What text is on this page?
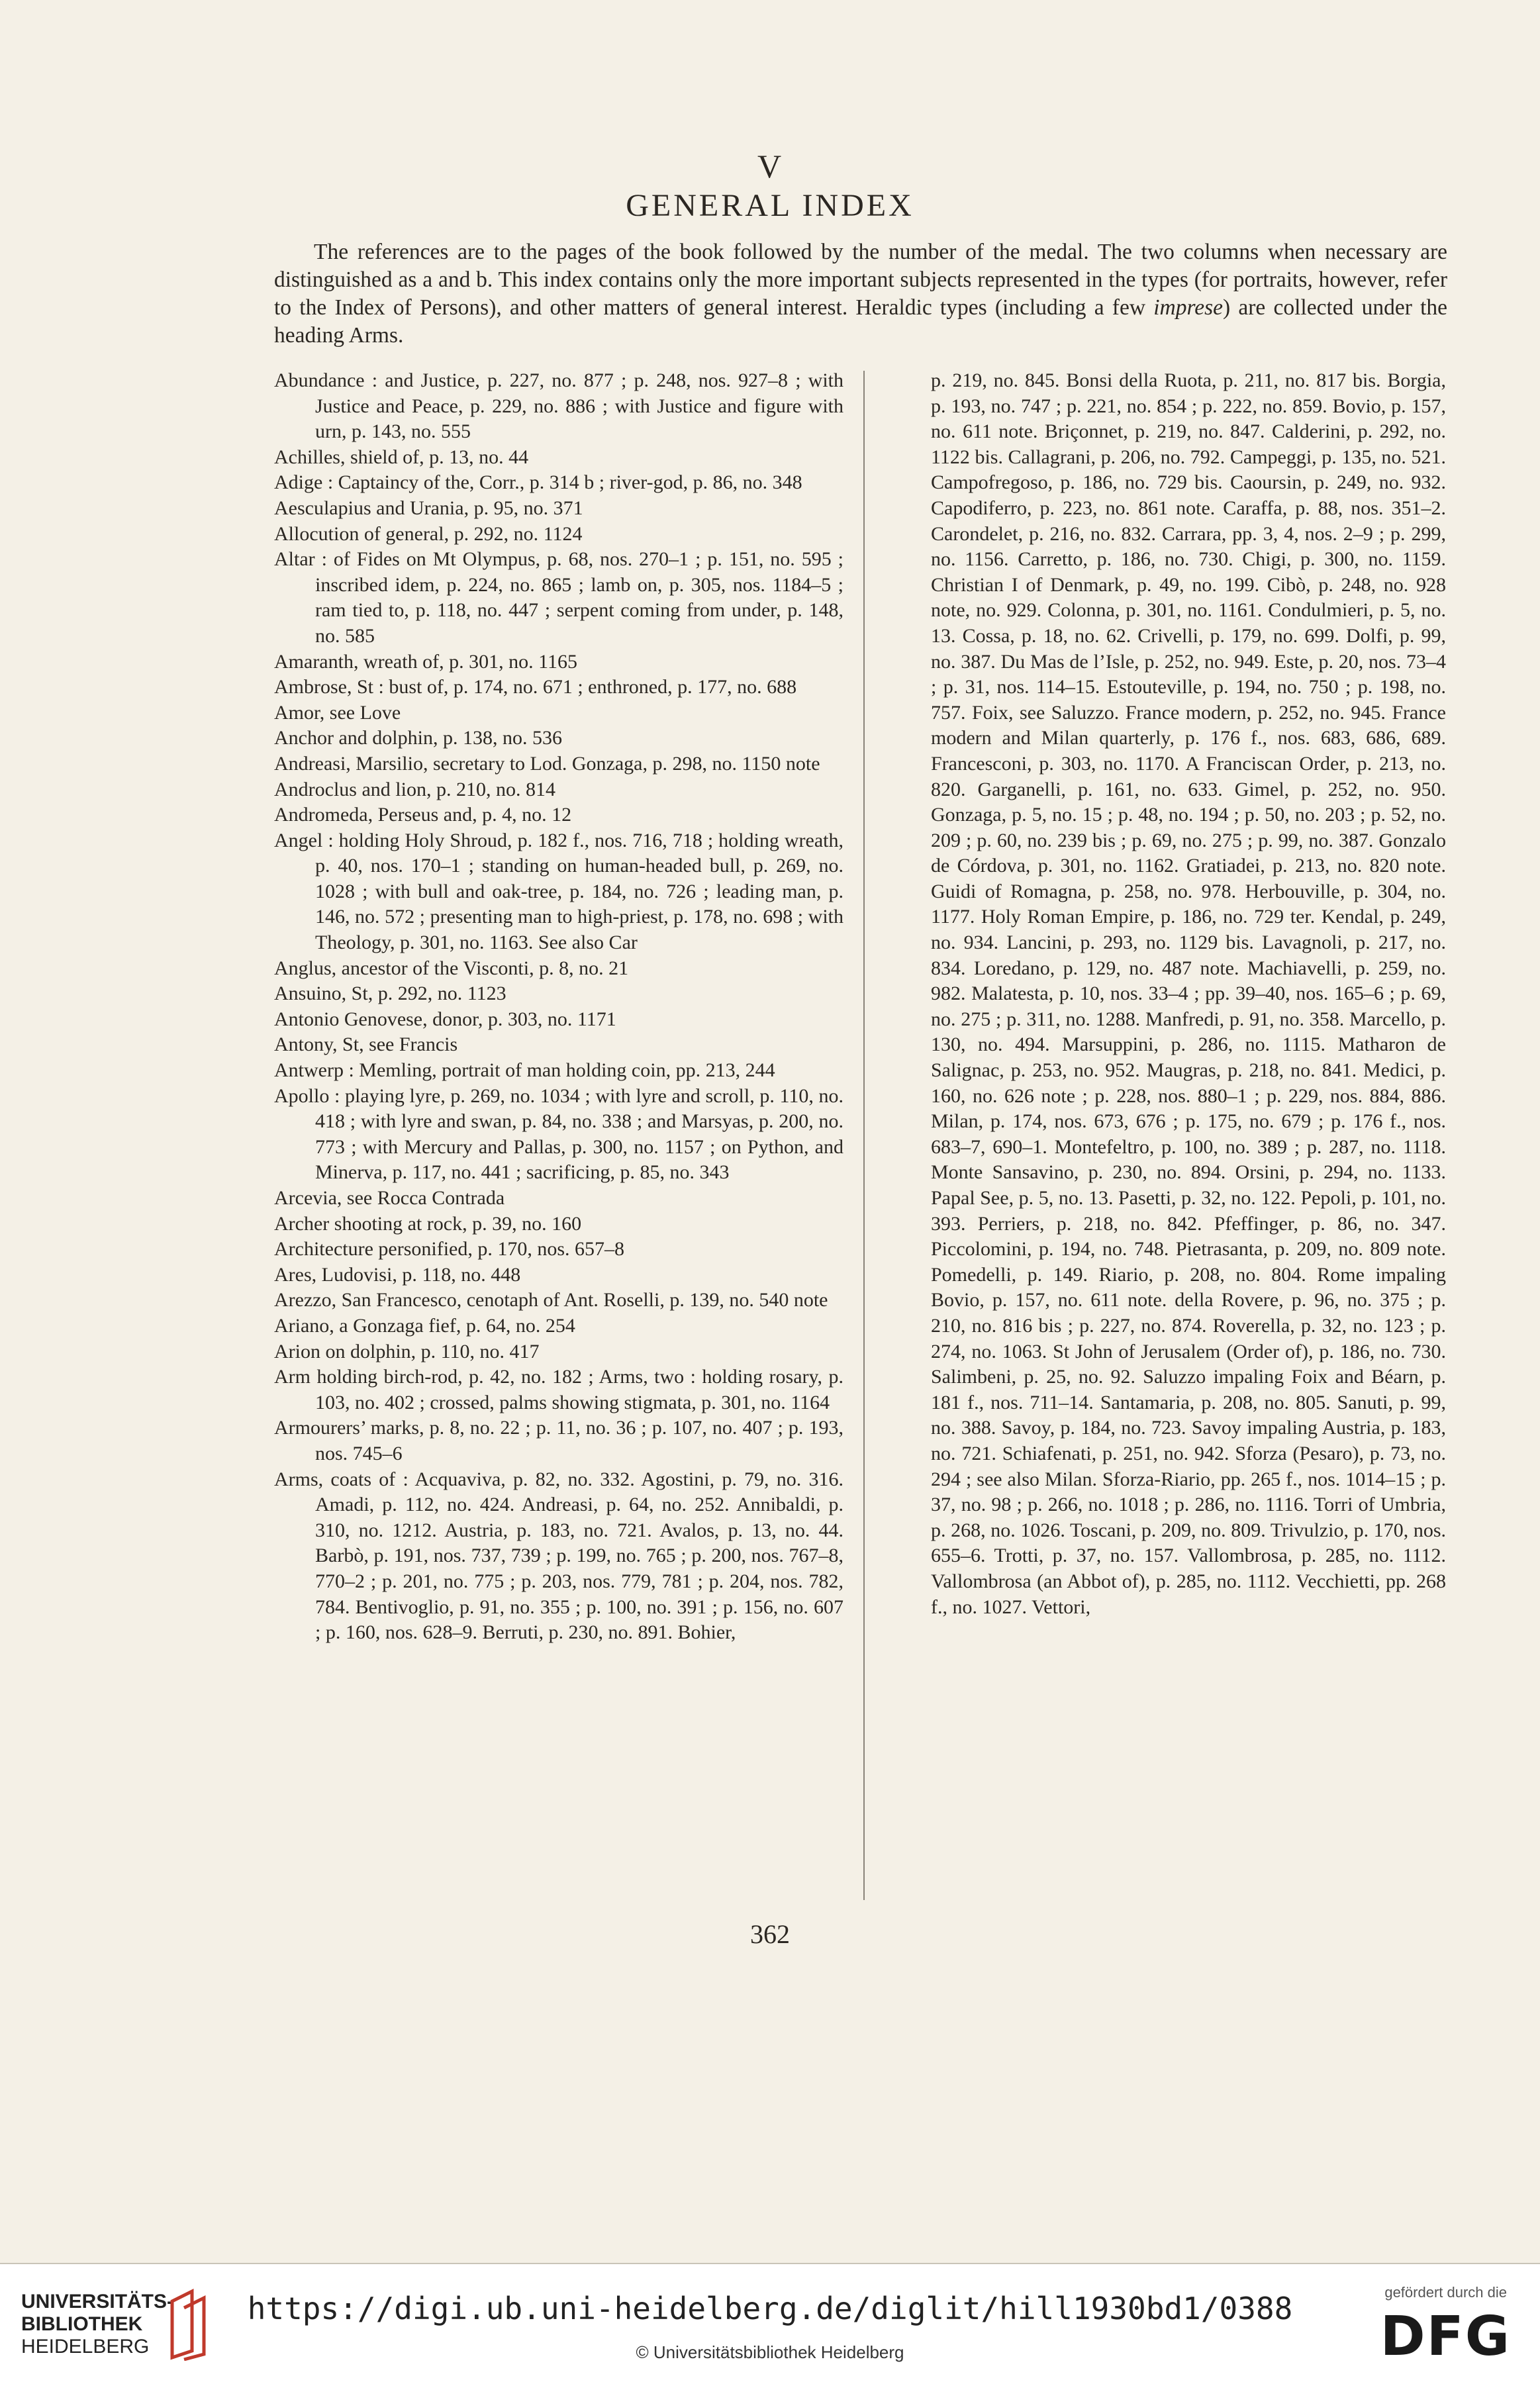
V
GENERAL INDEX

The references are to the pages of the book followed by the number of the medal. The two columns when necessary are distinguished as a and b. This index contains only the more important subjects represented in the types (for portraits, however, refer to the Index of Persons), and other matters of general interest. Heraldic types (including a few imprese) are collected under the heading Arms.

Abundance : and Justice, p. 227, no. 877 ; p. 248, nos. 927–8 ; with Justice and Peace, p. 229, no. 886 ; with Justice and figure with urn, p. 143, no. 555

Achilles, shield of, p. 13, no. 44

Adige : Captaincy of the, Corr., p. 314 b ; river-god, p. 86, no. 348

Aesculapius and Urania, p. 95, no. 371

Allocution of general, p. 292, no. 1124

Altar : of Fides on Mt Olympus, p. 68, nos. 270–1 ; p. 151, no. 595 ; inscribed idem, p. 224, no. 865 ; lamb on, p. 305, nos. 1184–5 ; ram tied to, p. 118, no. 447 ; serpent coming from under, p. 148, no. 585

Amaranth, wreath of, p. 301, no. 1165

Ambrose, St : bust of, p. 174, no. 671 ; enthroned, p. 177, no. 688

Amor, see Love

Anchor and dolphin, p. 138, no. 536

Andreasi, Marsilio, secretary to Lod. Gonzaga, p. 298, no. 1150 note

Androclus and lion, p. 210, no. 814

Andromeda, Perseus and, p. 4, no. 12

Angel : holding Holy Shroud, p. 182 f., nos. 716, 718 ; holding wreath, p. 40, nos. 170–1 ; standing on human-headed bull, p. 269, no. 1028 ; with bull and oak-tree, p. 184, no. 726 ; leading man, p. 146, no. 572 ; presenting man to high-priest, p. 178, no. 698 ; with Theology, p. 301, no. 1163. See also Car

Anglus, ancestor of the Visconti, p. 8, no. 21

Ansuino, St, p. 292, no. 1123

Antonio Genovese, donor, p. 303, no. 1171

Antony, St, see Francis

Antwerp : Memling, portrait of man holding coin, pp. 213, 244

Apollo : playing lyre, p. 269, no. 1034 ; with lyre and scroll, p. 110, no. 418 ; with lyre and swan, p. 84, no. 338 ; and Marsyas, p. 200, no. 773 ; with Mercury and Pallas, p. 300, no. 1157 ; on Python, and Minerva, p. 117, no. 441 ; sacrificing, p. 85, no. 343

Arcevia, see Rocca Contrada

Archer shooting at rock, p. 39, no. 160

Architecture personified, p. 170, nos. 657–8

Ares, Ludovisi, p. 118, no. 448

Arezzo, San Francesco, cenotaph of Ant. Roselli, p. 139, no. 540 note

Ariano, a Gonzaga fief, p. 64, no. 254

Arion on dolphin, p. 110, no. 417

Arm holding birch-rod, p. 42, no. 182 ; Arms, two : holding rosary, p. 103, no. 402 ; crossed, palms showing stigmata, p. 301, no. 1164

Armourers’ marks, p. 8, no. 22 ; p. 11, no. 36 ; p. 107, no. 407 ; p. 193, nos. 745–6

Arms, coats of : Acquaviva, p. 82, no. 332. Agostini, p. 79, no. 316. Amadi, p. 112, no. 424. Andreasi, p. 64, no. 252. Annibaldi, p. 310, no. 1212. Austria, p. 183, no. 721. Avalos, p. 13, no. 44. Barbò, p. 191, nos. 737, 739 ; p. 199, no. 765 ; p. 200, nos. 767–8, 770–2 ; p. 201, no. 775 ; p. 203, nos. 779, 781 ; p. 204, nos. 782, 784. Bentivoglio, p. 91, no. 355 ; p. 100, no. 391 ; p. 156, no. 607 ; p. 160, nos. 628–9. Berruti, p. 230, no. 891. Bohier,

p. 219, no. 845. Bonsi della Ruota, p. 211, no. 817 bis. Borgia, p. 193, no. 747 ; p. 221, no. 854 ; p. 222, no. 859. Bovio, p. 157, no. 611 note. Briçonnet, p. 219, no. 847. Calderini, p. 292, no. 1122 bis. Callagrani, p. 206, no. 792. Campeggi, p. 135, no. 521. Campofregoso, p. 186, no. 729 bis. Caoursin, p. 249, no. 932. Capodiferro, p. 223, no. 861 note. Caraffa, p. 88, nos. 351–2. Carondelet, p. 216, no. 832. Carrara, pp. 3, 4, nos. 2–9 ; p. 299, no. 1156. Carretto, p. 186, no. 730. Chigi, p. 300, no. 1159. Christian I of Denmark, p. 49, no. 199. Cibò, p. 248, no. 928 note, no. 929. Colonna, p. 301, no. 1161. Condulmieri, p. 5, no. 13. Cossa, p. 18, no. 62. Crivelli, p. 179, no. 699. Dolfi, p. 99, no. 387. Du Mas de l’Isle, p. 252, no. 949. Este, p. 20, nos. 73–4 ; p. 31, nos. 114–15. Estouteville, p. 194, no. 750 ; p. 198, no. 757. Foix, see Saluzzo. France modern, p. 252, no. 945. France modern and Milan quarterly, p. 176 f., nos. 683, 686, 689. Francesconi, p. 303, no. 1170. A Franciscan Order, p. 213, no. 820. Garganelli, p. 161, no. 633. Gimel, p. 252, no. 950. Gonzaga, p. 5, no. 15 ; p. 48, no. 194 ; p. 50, no. 203 ; p. 52, no. 209 ; p. 60, no. 239 bis ; p. 69, no. 275 ; p. 99, no. 387. Gonzalo de Córdova, p. 301, no. 1162. Gratiadei, p. 213, no. 820 note. Guidi of Romagna, p. 258, no. 978. Herbouville, p. 304, no. 1177. Holy Roman Empire, p. 186, no. 729 ter. Kendal, p. 249, no. 934. Lancini, p. 293, no. 1129 bis. Lavagnoli, p. 217, no. 834. Loredano, p. 129, no. 487 note. Machiavelli, p. 259, no. 982. Malatesta, p. 10, nos. 33–4 ; pp. 39–40, nos. 165–6 ; p. 69, no. 275 ; p. 311, no. 1288. Manfredi, p. 91, no. 358. Marcello, p. 130, no. 494. Marsuppini, p. 286, no. 1115. Matharon de Salignac, p. 253, no. 952. Maugras, p. 218, no. 841. Medici, p. 160, no. 626 note ; p. 228, nos. 880–1 ; p. 229, nos. 884, 886. Milan, p. 174, nos. 673, 676 ; p. 175, no. 679 ; p. 176 f., nos. 683–7, 690–1. Montefeltro, p. 100, no. 389 ; p. 287, no. 1118. Monte Sansavino, p. 230, no. 894. Orsini, p. 294, no. 1133. Papal See, p. 5, no. 13. Pasetti, p. 32, no. 122. Pepoli, p. 101, no. 393. Perriers, p. 218, no. 842. Pfeffinger, p. 86, no. 347. Piccolomini, p. 194, no. 748. Pietrasanta, p. 209, no. 809 note. Pomedelli, p. 149. Riario, p. 208, no. 804. Rome impaling Bovio, p. 157, no. 611 note. della Rovere, p. 96, no. 375 ; p. 210, no. 816 bis ; p. 227, no. 874. Roverella, p. 32, no. 123 ; p. 274, no. 1063. St John of Jerusalem (Order of), p. 186, no. 730. Salimbeni, p. 25, no. 92. Saluzzo impaling Foix and Béarn, p. 181 f., nos. 711–14. Santamaria, p. 208, no. 805. Sanuti, p. 99, no. 388. Savoy, p. 184, no. 723. Savoy impaling Austria, p. 183, no. 721. Schiafenati, p. 251, no. 942. Sforza (Pesaro), p. 73, no. 294 ; see also Milan. Sforza-Riario, pp. 265 f., nos. 1014–15 ; p. 37, no. 98 ; p. 266, no. 1018 ; p. 286, no. 1116. Torri of Umbria, p. 268, no. 1026. Toscani, p. 209, no. 809. Trivulzio, p. 170, nos. 655–6. Trotti, p. 37, no. 157. Vallombrosa, p. 285, no. 1112. Vallombrosa (an Abbot of), p. 285, no. 1112. Vecchietti, pp. 268 f., no. 1027. Vettori,

362
UNIVERSITÄTS-
BIBLIOTHEK
HEIDELBERG
https://digi.ub.uni-heidelberg.de/diglit/hill1930bd1/0388
© Universitätsbibliothek Heidelberg
gefördert durch die
DFG
